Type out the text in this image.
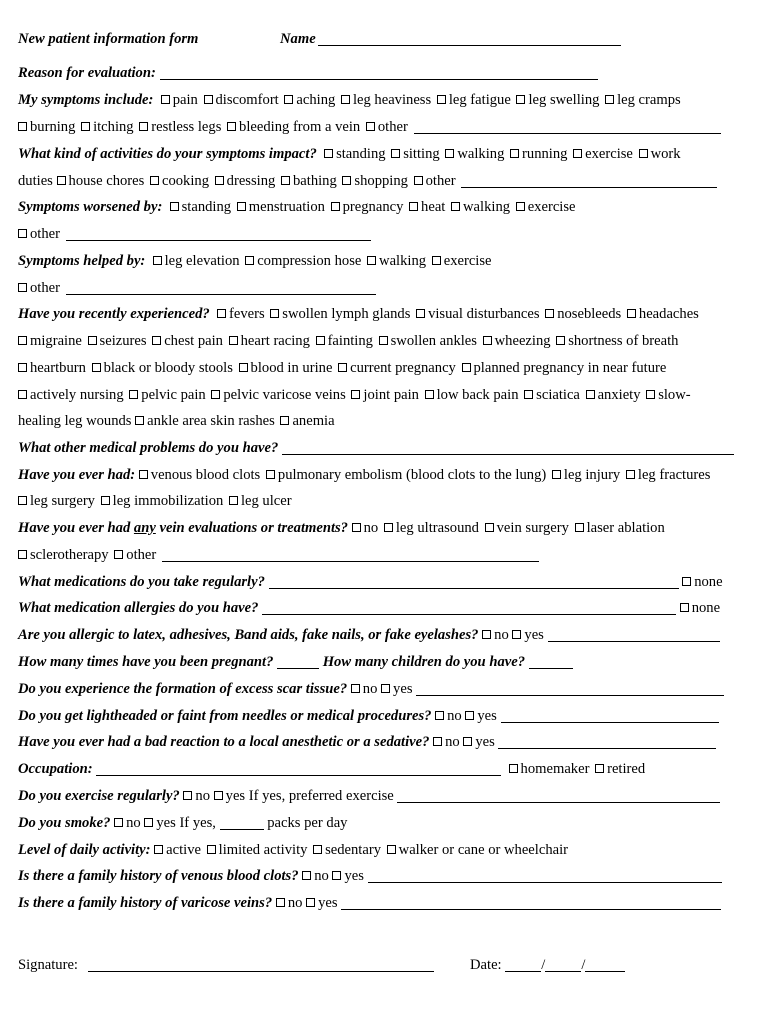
New patient information form	Name
Reason for evaluation:
My symptoms include: pain discomfort aching leg heaviness leg fatigue leg swelling leg cramps
burning itching restless legs bleeding from a vein other
What kind of activities do your symptoms impact? standing sitting walking running exercise work
duties house chores cooking dressing bathing shopping other
Symptoms worsened by: standing menstruation pregnancy heat walking exercise
other
Symptoms helped by: leg elevation compression hose walking exercise
other
Have you recently experienced? fevers swollen lymph glands visual disturbances nosebleeds headaches
migraine seizures chest pain heart racing fainting swollen ankles wheezing shortness of breath
heartburn black or bloody stools blood in urine current pregnancy planned pregnancy in near future
actively nursing pelvic pain pelvic varicose veins joint pain low back pain sciatica anxiety slow-
healing leg wounds ankle area skin rashes anemia
What other medical problems do you have?
Have you ever had: venous blood clots pulmonary embolism (blood clots to the lung) leg injury leg fractures
leg surgery leg immobilization leg ulcer
Have you ever had any vein evaluations or treatments? no leg ultrasound vein surgery laser ablation
sclerotherapy other
What medications do you take regularly?	none
What medication allergies do you have?	none
Are you allergic to latex, adhesives, Band aids, fake nails, or fake eyelashes? no yes
How many times have you been pregnant?	How many children do you have?
Do you experience the formation of excess scar tissue? no yes
Do you get lightheaded or faint from needles or medical procedures? no yes
Have you ever had a bad reaction to a local anesthetic or a sedative? no yes
Occupation:	homemaker retired
Do you exercise regularly? no yes If yes, preferred exercise
Do you smoke? no yes If yes,	packs per day
Level of daily activity: active limited activity sedentary walker or cane or wheelchair
Is there a family history of venous blood clots? no yes
Is there a family history of varicose veins? no yes
Signature:	Date:	/ /
